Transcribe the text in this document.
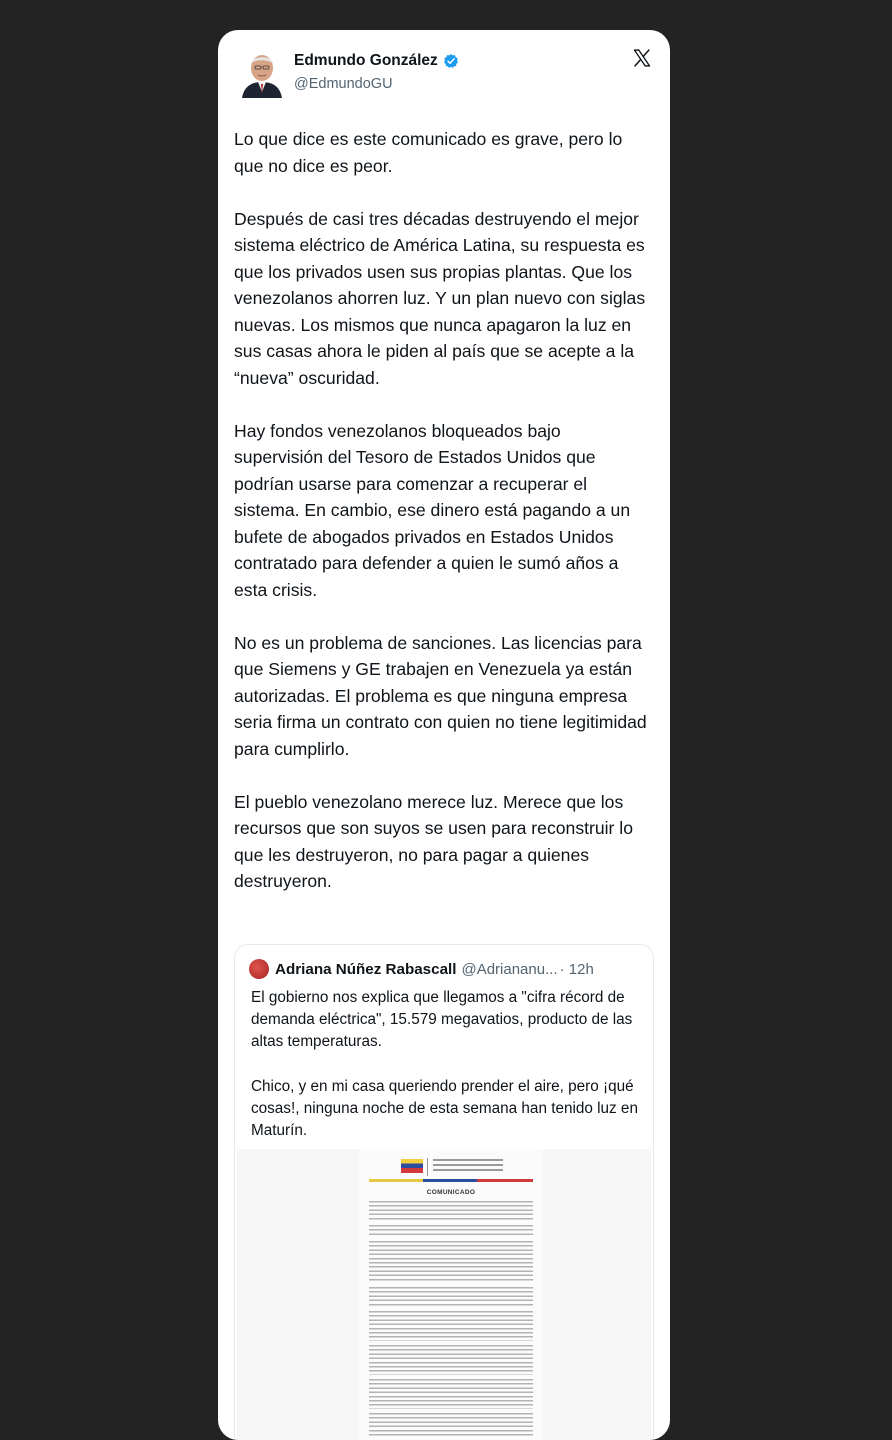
Edmundo González
@EdmundoGU

Lo que dice es este comunicado es grave, pero lo que no dice es peor.

Después de casi tres décadas destruyendo el mejor sistema eléctrico de América Latina, su respuesta es que los privados usen sus propias plantas. Que los venezolanos ahorren luz. Y un plan nuevo con siglas nuevas. Los mismos que nunca apagaron la luz en sus casas ahora le piden al país que se acepte a la “nueva” oscuridad.

Hay fondos venezolanos bloqueados bajo supervisión del Tesoro de Estados Unidos que podrían usarse para comenzar a recuperar el sistema. En cambio, ese dinero está pagando a un bufete de abogados privados en Estados Unidos contratado para defender a quien le sumó años a esta crisis.

No es un problema de sanciones. Las licencias para que Siemens y GE trabajen en Venezuela ya están autorizadas. El problema es que ninguna empresa seria firma un contrato con quien no tiene legitimidad para cumplirlo.

El pueblo venezolano merece luz. Merece que los recursos que son suyos se usen para reconstruir lo que les destruyeron, no para pagar a quienes destruyeron.

Adriana Núñez Rabascall @Adriananu... · 12h

El gobierno nos explica que llegamos a "cifra récord de demanda eléctrica", 15.579 megavatios, producto de las altas temperaturas.

Chico, y en mi casa queriendo prender el aire, pero ¡qué cosas!, ninguna noche de esta semana han tenido luz en Maturín.

COMUNICADO
